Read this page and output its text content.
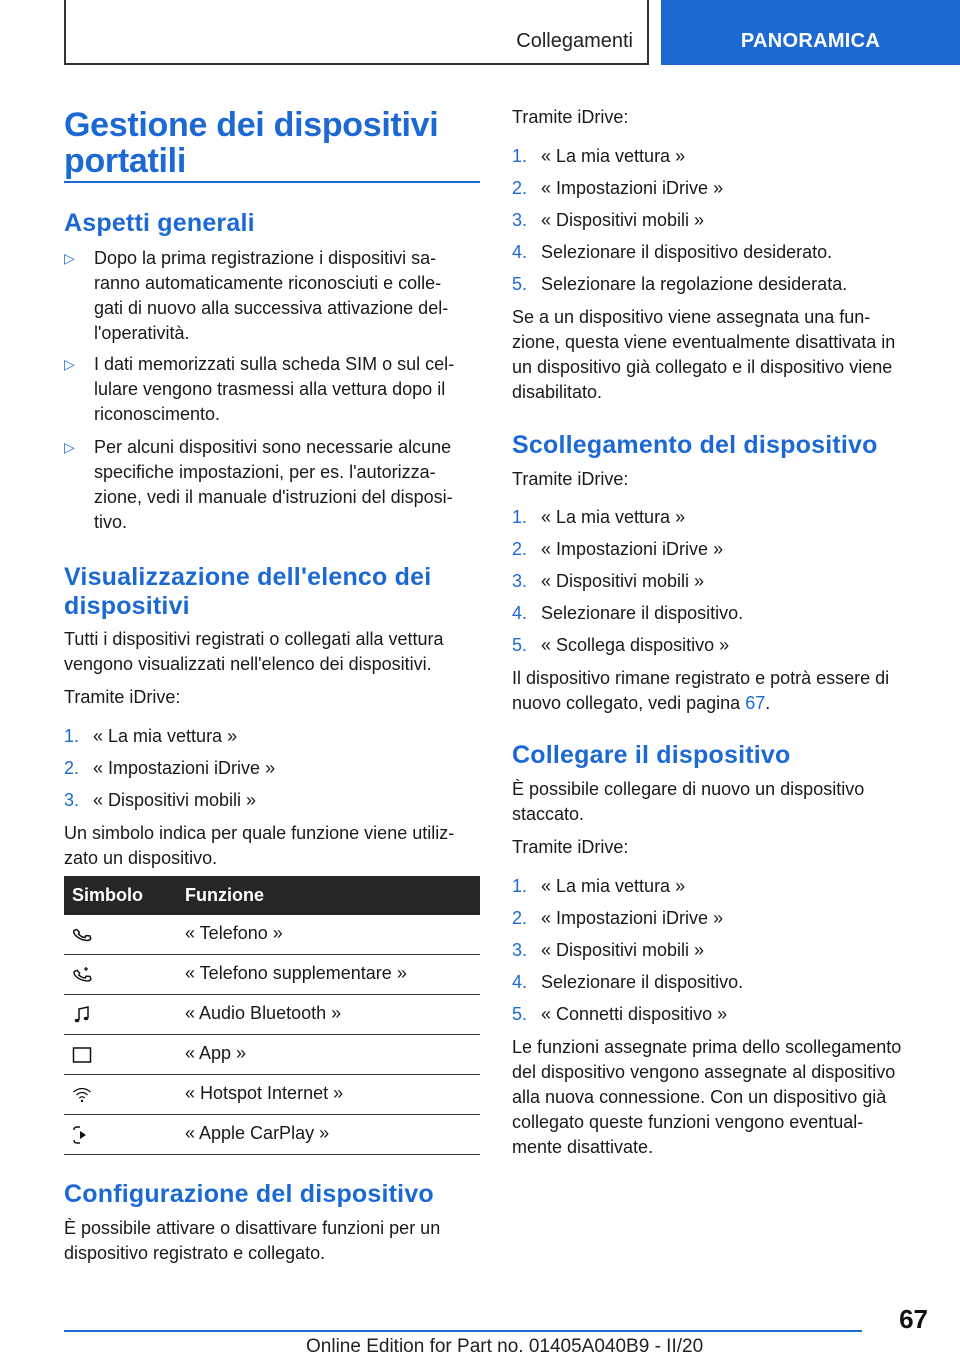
Collegamenti	PANORAMICA
Gestione dei dispositivi
portatili
Aspetti generali
▷ Dopo la prima registrazione i dispositivi sa-
ranno automaticamente riconosciuti e colle-
gati di nuovo alla successiva attivazione del-
l'operatività.
▷ I dati memorizzati sulla scheda SIM o sul cel-
lulare vengono trasmessi alla vettura dopo il
riconoscimento.
▷ Per alcuni dispositivi sono necessarie alcune
specifiche impostazioni, per es. l'autorizza-
zione, vedi il manuale d'istruzioni del disposi-
tivo.
Visualizzazione dell'elenco dei
dispositivi
Tutti i dispositivi registrati o collegati alla vettura
vengono visualizzati nell'elenco dei dispositivi.
Tramite iDrive:
1. « La mia vettura »
2. « Impostazioni iDrive »
3. « Dispositivi mobili »
Un simbolo indica per quale funzione viene utiliz-
zato un dispositivo.
Simbolo Funzione
« Telefono »
« Telefono supplementare »
« Audio Bluetooth »
« App »
« Hotspot Internet »
« Apple CarPlay »
Configurazione del dispositivo
È possibile attivare o disattivare funzioni per un
dispositivo registrato e collegato.
Tramite iDrive:
1. « La mia vettura »
2. « Impostazioni iDrive »
3. « Dispositivi mobili »
4. Selezionare il dispositivo desiderato.
5. Selezionare la regolazione desiderata.
Se a un dispositivo viene assegnata una fun-
zione, questa viene eventualmente disattivata in
un dispositivo già collegato e il dispositivo viene
disabilitato.
Scollegamento del dispositivo
Tramite iDrive:
1. « La mia vettura »
2. « Impostazioni iDrive »
3. « Dispositivi mobili »
4. Selezionare il dispositivo.
5. « Scollega dispositivo »
Il dispositivo rimane registrato e potrà essere di
nuovo collegato, vedi pagina 67.
Collegare il dispositivo
È possibile collegare di nuovo un dispositivo
staccato.
Tramite iDrive:
1. « La mia vettura »
2. « Impostazioni iDrive »
3. « Dispositivi mobili »
4. Selezionare il dispositivo.
5. « Connetti dispositivo »
Le funzioni assegnate prima dello scollegamento
del dispositivo vengono assegnate al dispositivo
alla nuova connessione. Con un dispositivo già
collegato queste funzioni vengono eventual-
mente disattivate.
67
Online Edition for Part no. 01405A040B9 - II/20
